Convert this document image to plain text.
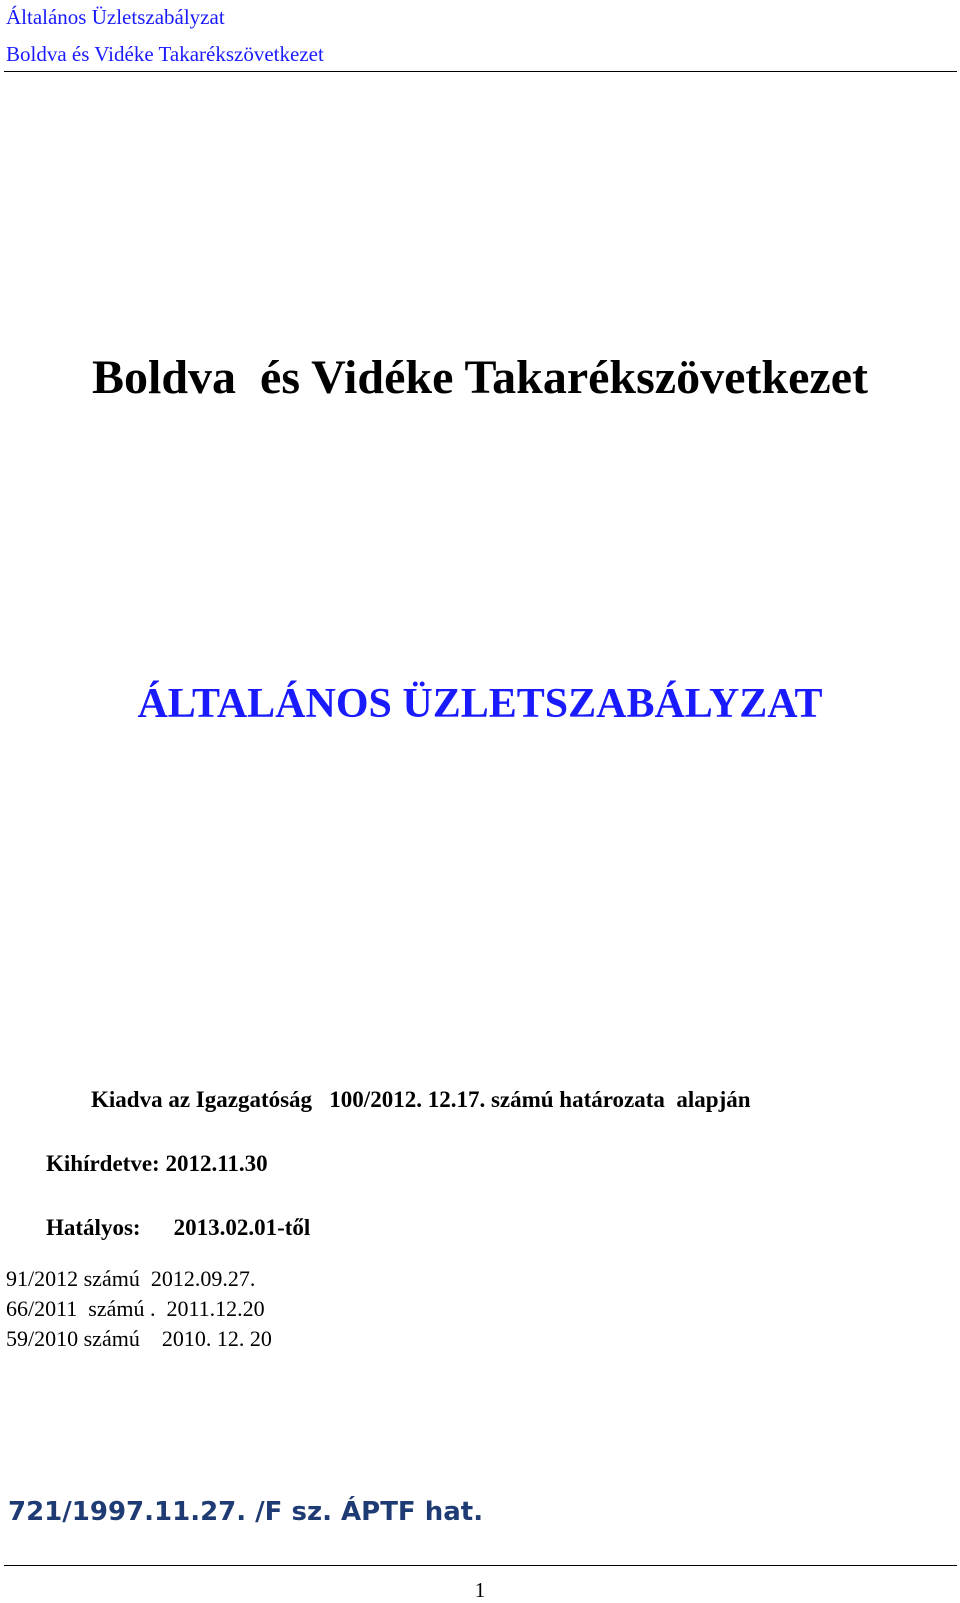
Általános Üzletszabályzat
Boldva és Vidéke Takarékszövetkezet
Boldva  és Vidéke Takarékszövetkezet
ÁLTALÁNOS ÜZLETSZABÁLYZAT
Kiadva az Igazgatóság   100/2012. 12.17. számú határozata  alapján
Kihírdetve: 2012.11.30
Hatályos: 2013.02.01-től
91/2012 számú  2012.09.27.
66/2011  számú .  2011.12.20
59/2010 számú    2010. 12. 20
721/1997.11.27. /F sz. ÁPTF hat.
1
